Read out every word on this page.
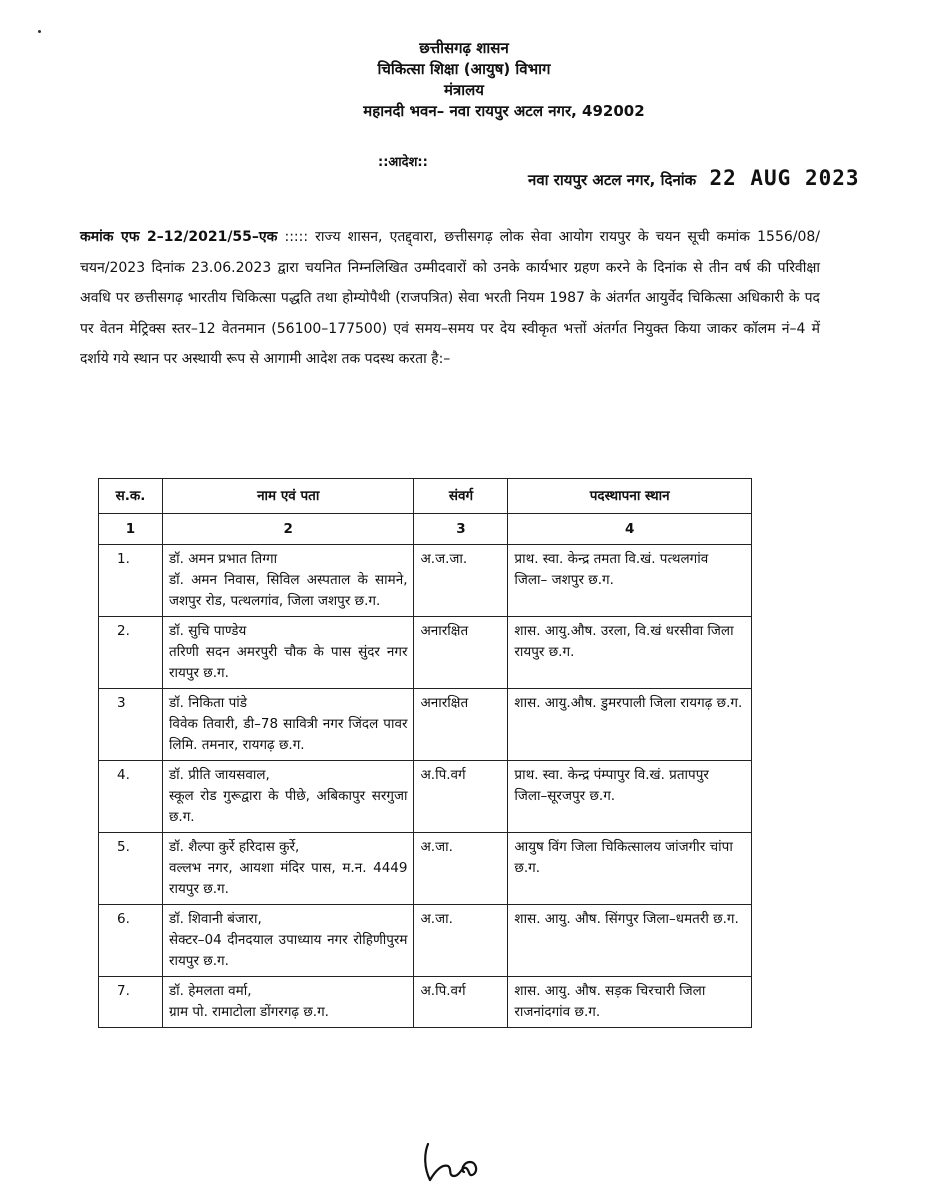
छत्तीसगढ़ शासन
चिकित्सा शिक्षा (आयुष) विभाग
मंत्रालय
महानदी भवन– नवा रायपुर अटल नगर, 492002
::आदेश::
नवा रायपुर अटल नगर, दिनांक 22 AUG 2023
कमांक एफ 2–12/2021/55–एक ::::: राज्य शासन, एतद्द्वारा, छत्तीसगढ़ लोक सेवा आयोग रायपुर के चयन सूची कमांक 1556/08/चयन/2023 दिनांक 23.06.2023 द्वारा चयनित निम्नलिखित उम्मीदवारों को उनके कार्यभार ग्रहण करने के दिनांक से तीन वर्ष की परिवीक्षा अवधि पर छत्तीसगढ़ भारतीय चिकित्सा पद्धति तथा होम्योपैथी (राजपत्रित) सेवा भरती नियम 1987 के अंतर्गत आयुर्वेद चिकित्सा अधिकारी के पद पर वेतन मेट्रिक्स स्तर–12 वेतनमान (56100–177500) एवं समय–समय पर देय स्वीकृत भत्तों अंतर्गत नियुक्त किया जाकर कॉलम नं–4 में दर्शाये गये स्थान पर अस्थायी रूप से आगामी आदेश तक पदस्थ करता है:–
स.क.	नाम एवं पता	संवर्ग	पदस्थापना स्थान
1	2	3	4
1.	डॉ. अमन प्रभात तिग्गा
डॉ. अमन निवास, सिविल अस्पताल के सामने, जशपुर रोड, पत्थलगांव, जिला जशपुर छ.ग.	अ.ज.जा.	प्राथ. स्वा. केन्द्र तमता वि.खं. पत्थलगांव जिला– जशपुर छ.ग.
2.	डॉ. सुचि पाण्डेय
तरिणी सदन अमरपुरी चौक के पास सुंदर नगर रायपुर छ.ग.	अनारक्षित	शास. आयु.औष. उरला, वि.खं धरसीवा जिला रायपुर छ.ग.
3	डॉ. निकिता पांडे
विवेक तिवारी, डी–78 सावित्री नगर जिंदल पावर लिमि. तमनार, रायगढ़ छ.ग.	अनारक्षित	शास. आयु.औष. डुमरपाली जिला रायगढ़ छ.ग.
4.	डॉ. प्रीति जायसवाल,
स्कूल रोड गुरूद्वारा के पीछे, अबिकापुर सरगुजा छ.ग.	अ.पि.वर्ग	प्राथ. स्वा. केन्द्र पंम्पापुर वि.खं. प्रतापपुर जिला–सूरजपुर छ.ग.
5.	डॉ. शैल्पा कुर्रे हरिदास कुर्रे,
वल्लभ नगर, आयशा मंदिर पास, म.न. 4449 रायपुर छ.ग.	अ.जा.	आयुष विंग जिला चिकित्सालय जांजगीर चांपा छ.ग.
6.	डॉ. शिवानी बंजारा,
सेक्टर–04 दीनदयाल उपाध्याय नगर रोहिणीपुरम रायपुर छ.ग.	अ.जा.	शास. आयु. औष. सिंगपुर जिला–धमतरी छ.ग.
7.	डॉ. हेमलता वर्मा,
ग्राम पो. रामाटोला डोंगरगढ़ छ.ग.	अ.पि.वर्ग	शास. आयु. औष. सड़क चिरचारी जिला राजनांदगांव छ.ग.
